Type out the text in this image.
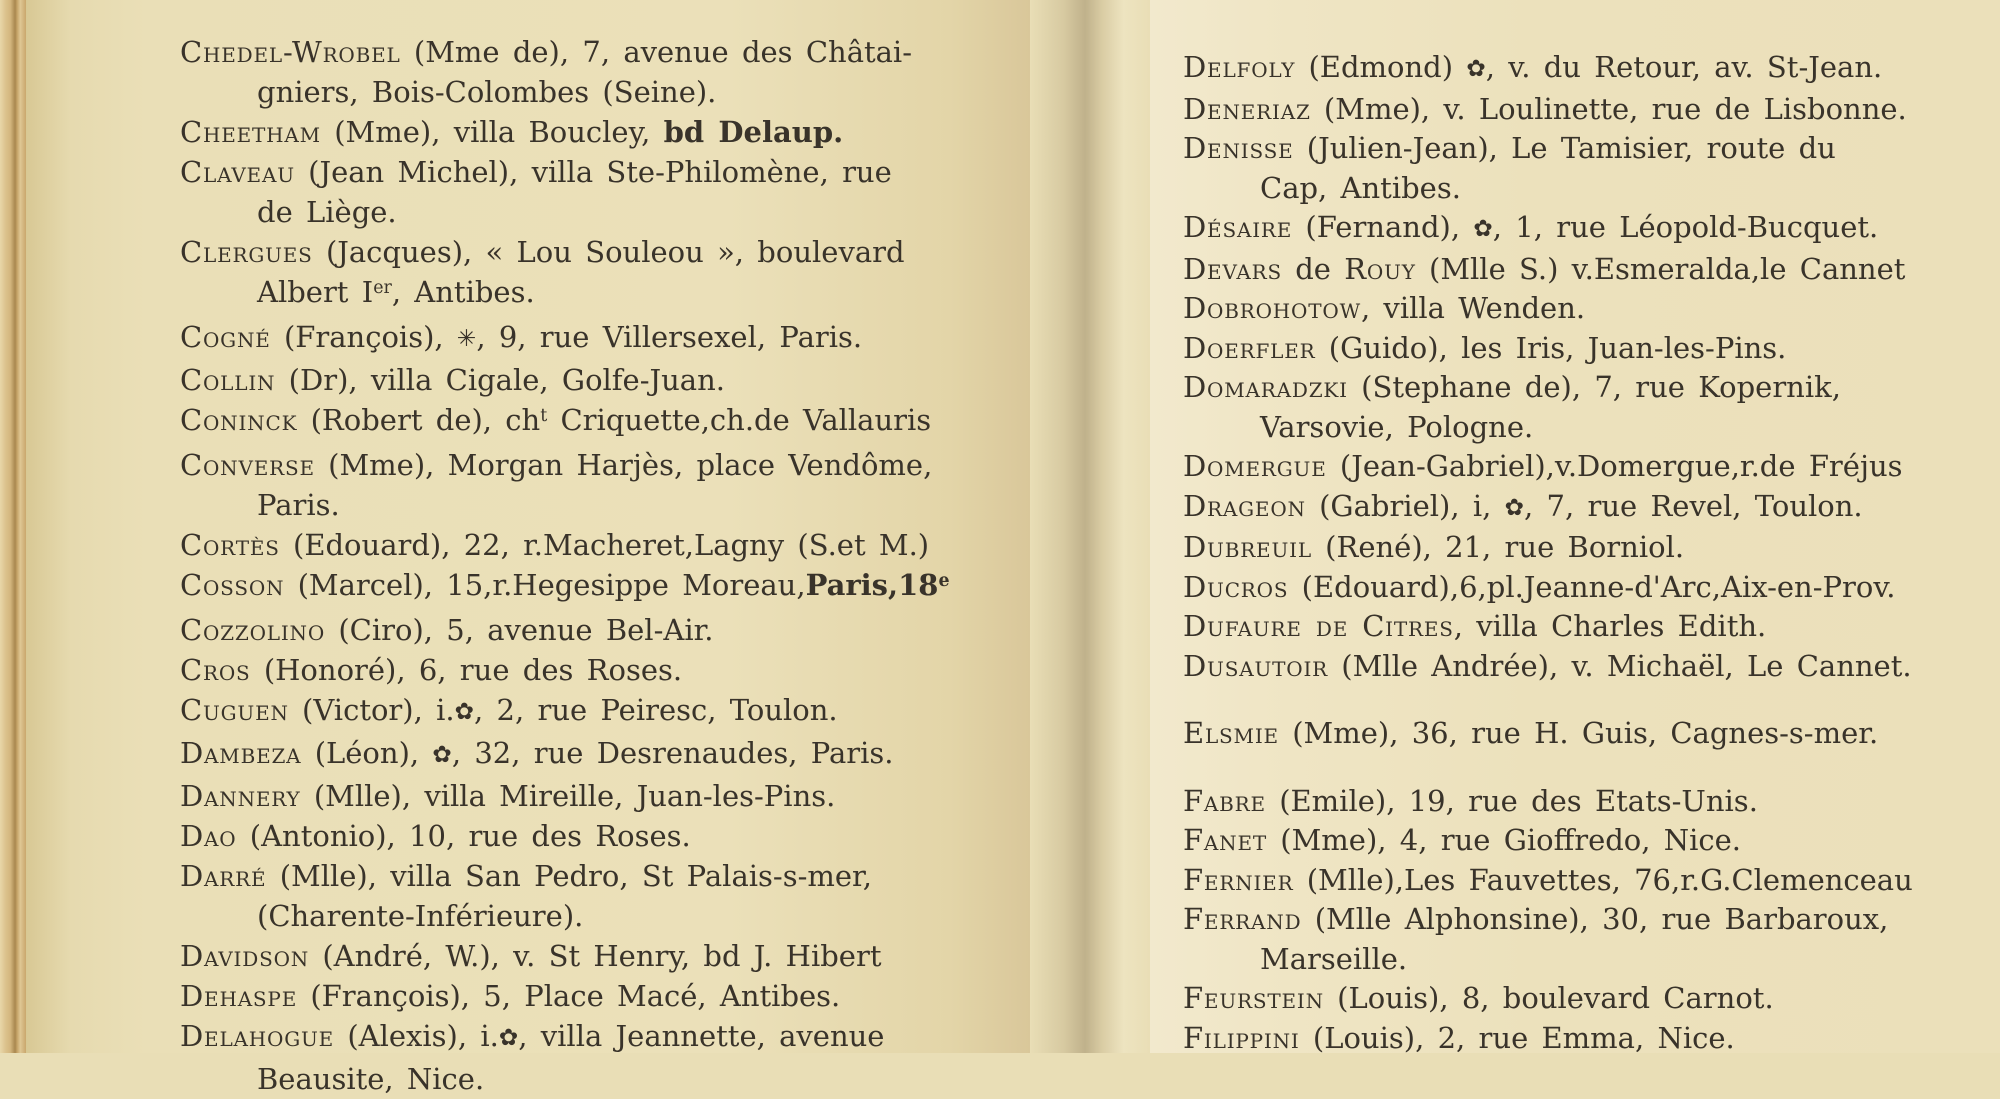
Chedel-Wrobel (Mme de), 7, avenue des Châtai-
gniers, Bois-Colombes (Seine).
Cheetham (Mme), villa Boucley, bd Delaup.
Claveau (Jean Michel), villa Ste-Philomène, rue
de Liège.
Clergues (Jacques), « Lou Souleou », boulevard
Albert Ier, Antibes.
Cogné (François), ✳, 9, rue Villersexel, Paris.
Collin (Dr), villa Cigale, Golfe-Juan.
Coninck (Robert de), $ch^t$ Criquette,ch.de Vallauris
Converse (Mme), Morgan Harjès, place Vendôme,
Paris.
Cortès (Edouard), 22, r.Macheret,Lagny (S.et M.)
Cosson (Marcel), 15,r.Hegesippe Moreau,Paris,18e
Cozzolino (Ciro), 5, avenue Bel-Air.
Cros (Honoré), 6, rue des Roses.
Cuguen (Victor), i.✿, 2, rue Peiresc, Toulon.
Dambeza (Léon), ✿, 32, rue Desrenaudes, Paris.
Dannery (Mlle), villa Mireille, Juan-les-Pins.
Dao (Antonio), 10, rue des Roses.
Darré (Mlle), villa San Pedro, St Palais-s-mer,
(Charente-Inférieure).
Davidson (André, W.), v. St Henry, bd J. Hibert
Dehaspe (François), 5, Place Macé, Antibes.
Delahogue (Alexis), i.✿, villa Jeannette, avenue
Beausite, Nice.
Delfoly (Edmond) ✿, v. du Retour, av. St-Jean.
Deneriaz (Mme), v. Loulinette, rue de Lisbonne.
Denisse (Julien-Jean), Le Tamisier, route du
Cap, Antibes.
Désaire (Fernand), ✿, 1, rue Léopold-Bucquet.
Devars de Rouy (Mlle S.) v.Esmeralda,le Cannet
Dobrohotow, villa Wenden.
Doerfler (Guido), les Iris, Juan-les-Pins.
Domaradzki (Stephane de), 7, rue Kopernik,
Varsovie, Pologne.
Domergue (Jean-Gabriel),v.Domergue,r.de Fréjus
Drageon (Gabriel), i, ✿, 7, rue Revel, Toulon.
Dubreuil (René), 21, rue Borniol.
Ducros (Edouard),6,pl.Jeanne-d'Arc,Aix-en-Prov.
Dufaure de Citres, villa Charles Edith.
Dusautoir (Mlle Andrée), v. Michaël, Le Cannet.
Elsmie (Mme), 36, rue H. Guis, Cagnes-s-mer.
Fabre (Emile), 19, rue des Etats-Unis.
Fanet (Mme), 4, rue Gioffredo, Nice.
Fernier (Mlle),Les Fauvettes, 76,r.G.Clemenceau
Ferrand (Mlle Alphonsine), 30, rue Barbaroux,
Marseille.
Feurstein (Louis), 8, boulevard Carnot.
Filippini (Louis), 2, rue Emma, Nice.
